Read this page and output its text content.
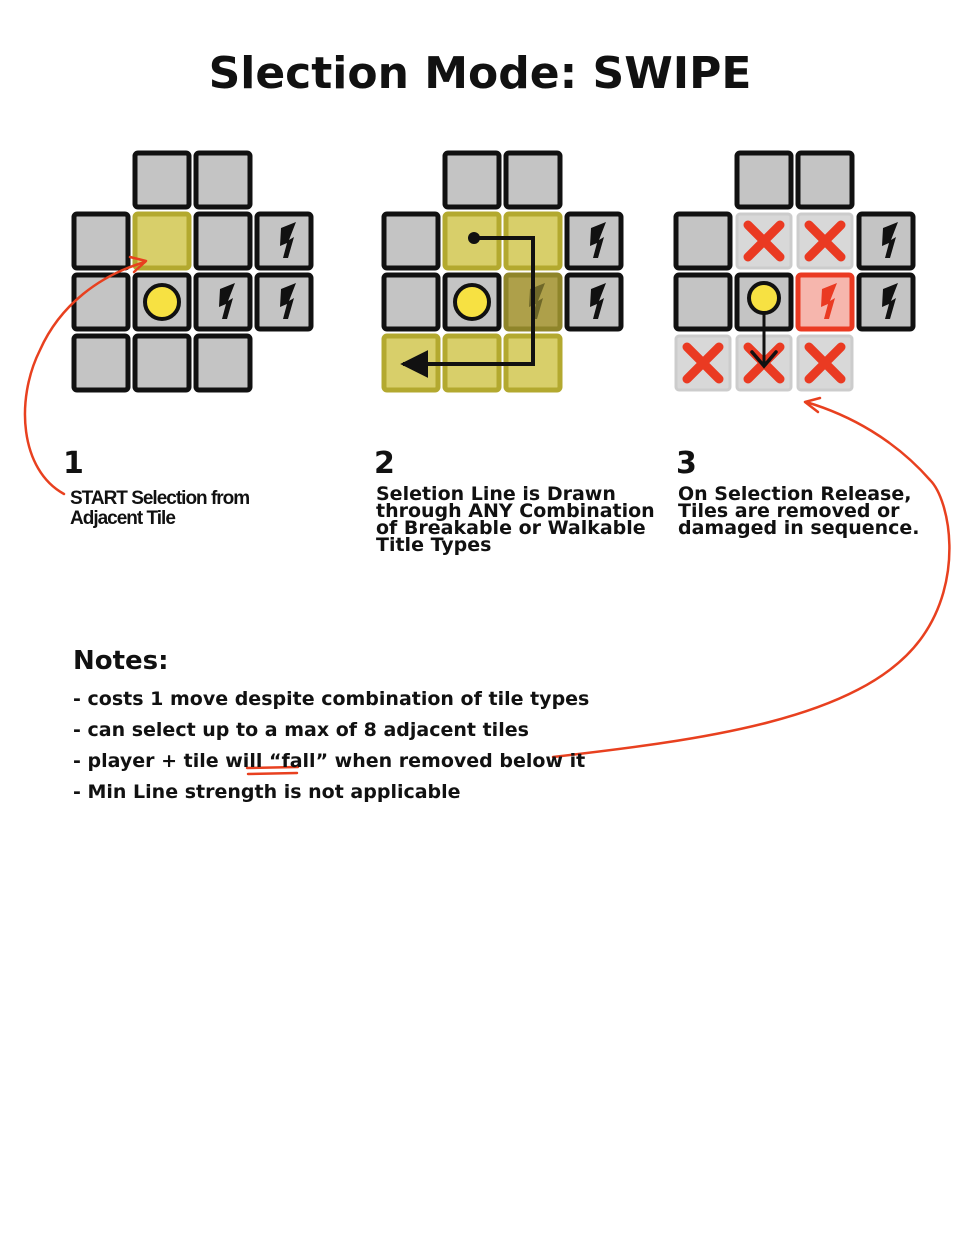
Slection Mode: SWIPE
1
START Selection from Adjacent Tile
2
Seletion Line is Drawn through ANY Combination of Breakable or Walkable Title Types
3
On Selection Release, Tiles are removed or damaged in sequence.
Notes:
- costs 1 move despite combination of tile types
- can select up to a max of 8 adjacent tiles
- player + tile will “fall” when removed below it
- Min Line strength is not applicable
